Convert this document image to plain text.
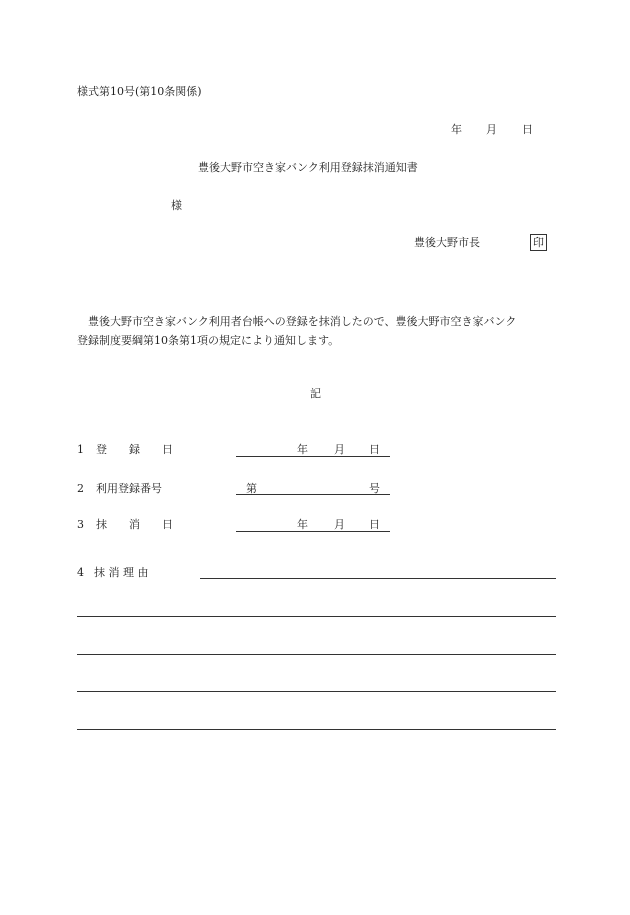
様式第10号(第10条関係)
年 月 日
豊後大野市空き家バンク利用登録抹消通知書
様
豊後大野市長	印
豊後大野市空き家バンク利用者台帳への登録を抹消したので、豊後大野市空き家バンク
登録制度要綱第10条第1項の規定により通知します。
記
1 登　　録　　日	年 月 日
2 利用登録番号	第	号
3 抹　　消　　日	年 月 日
4 抹 消 理 由
